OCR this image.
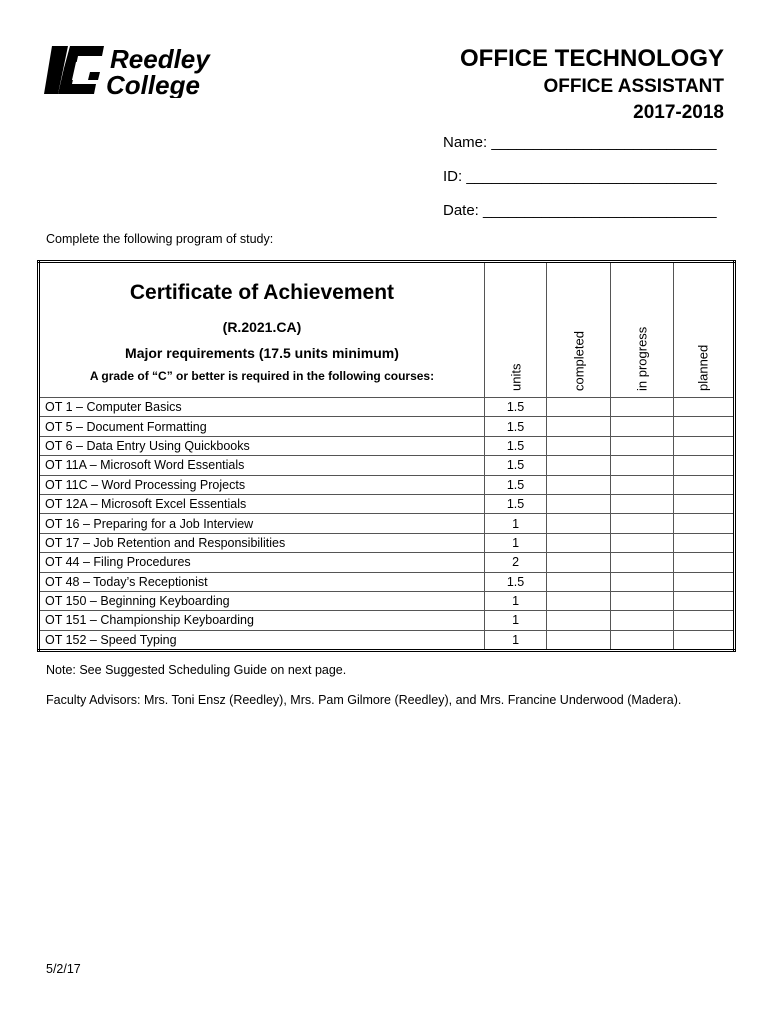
Reedley
College
OFFICE TECHNOLOGY
OFFICE ASSISTANT
2017-2018
Name: ___________________________
ID: ______________________________
Date: ____________________________
Complete the following program of study:
Certificate of Achievement
(R.2021.CA)
Major requirements (17.5 units minimum)
A grade of “C” or better is required in the following courses:	units	completed	in progress	planned

OT 1 – Computer Basics	1.5			
OT 5 – Document Formatting	1.5			
OT 6 – Data Entry Using Quickbooks	1.5			
OT 11A – Microsoft Word Essentials	1.5			
OT 11C – Word Processing Projects	1.5			
OT 12A – Microsoft Excel Essentials	1.5			
OT 16 – Preparing for a Job Interview	1			
OT 17 – Job Retention and Responsibilities	1			
OT 44 – Filing Procedures	2			
OT 48 – Today’s Receptionist	1.5			
OT 150 – Beginning Keyboarding	1			
OT 151 – Championship Keyboarding	1			
OT 152 – Speed Typing	1			
Note: See Suggested Scheduling Guide on next page.
Faculty Advisors: Mrs. Toni Ensz (Reedley), Mrs. Pam Gilmore (Reedley), and Mrs. Francine Underwood (Madera).
5/2/17
